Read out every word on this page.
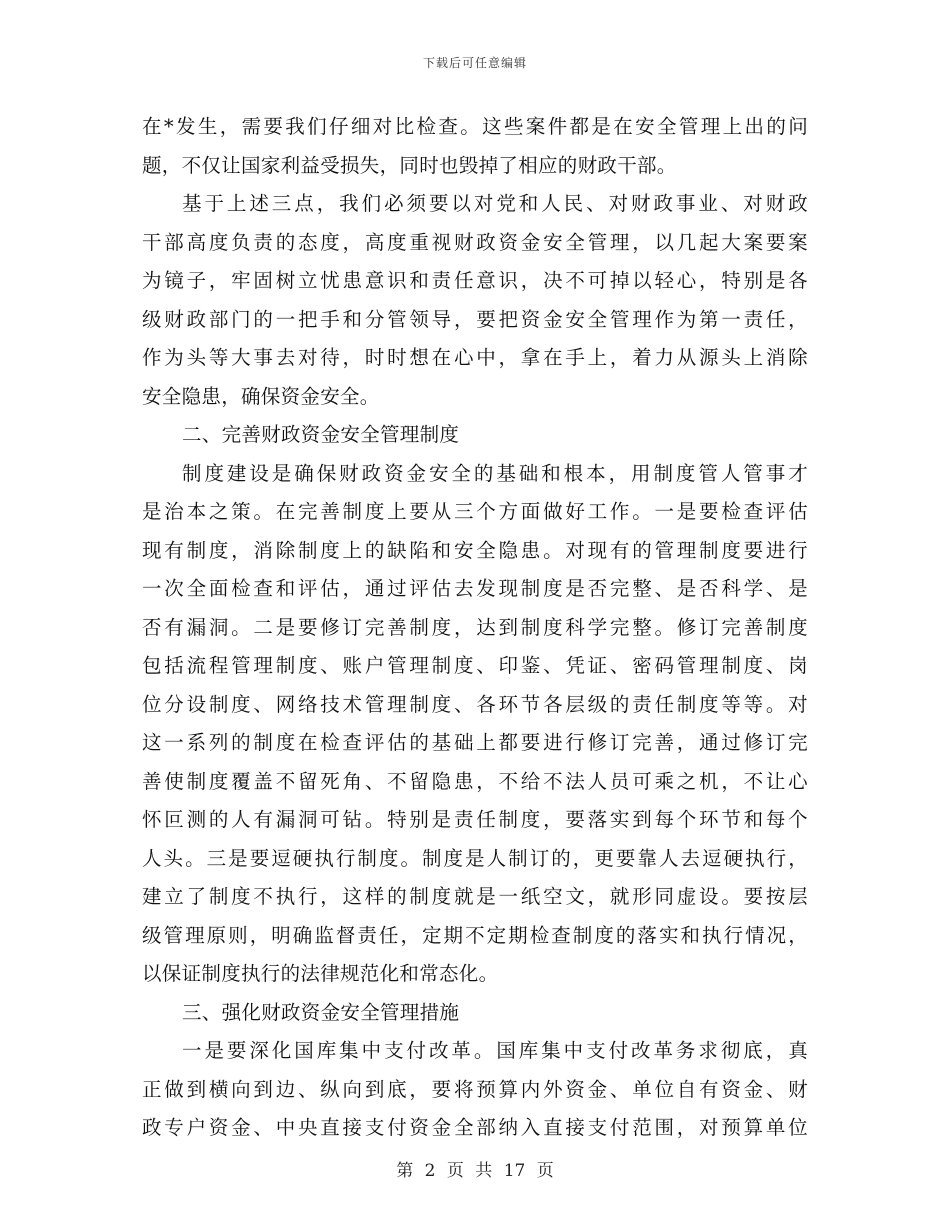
下载后可任意编辑
在*发生，需要我们仔细对比检查。这些案件都是在安全管理上出的问
题，不仅让国家利益受损失，同时也毁掉了相应的财政干部。
基于上述三点，我们必须要以对党和人民、对财政事业、对财政
干部高度负责的态度，高度重视财政资金安全管理，以几起大案要案
为镜子，牢固树立忧患意识和责任意识，决不可掉以轻心，特别是各
级财政部门的一把手和分管领导，要把资金安全管理作为第一责任，
作为头等大事去对待，时时想在心中，拿在手上，着力从源头上消除
安全隐患，确保资金安全。
二、完善财政资金安全管理制度
制度建设是确保财政资金安全的基础和根本，用制度管人管事才
是治本之策。在完善制度上要从三个方面做好工作。一是要检查评估
现有制度，消除制度上的缺陷和安全隐患。对现有的管理制度要进行
一次全面检查和评估，通过评估去发现制度是否完整、是否科学、是
否有漏洞。二是要修订完善制度，达到制度科学完整。修订完善制度
包括流程管理制度、账户管理制度、印鉴、凭证、密码管理制度、岗
位分设制度、网络技术管理制度、各环节各层级的责任制度等等。对
这一系列的制度在检查评估的基础上都要进行修订完善，通过修订完
善使制度覆盖不留死角、不留隐患，不给不法人员可乘之机，不让心
怀叵测的人有漏洞可钻。特别是责任制度，要落实到每个环节和每个
人头。三是要逗硬执行制度。制度是人制订的，更要靠人去逗硬执行，
建立了制度不执行，这样的制度就是一纸空文，就形同虚设。要按层
级管理原则，明确监督责任，定期不定期检查制度的落实和执行情况，
以保证制度执行的法律规范化和常态化。
三、强化财政资金安全管理措施
一是要深化国库集中支付改革。国库集中支付改革务求彻底，真
正做到横向到边、纵向到底，要将预算内外资金、单位自有资金、财
政专户资金、中央直接支付资金全部纳入直接支付范围，对预算单位
第 2 页 共 17 页
